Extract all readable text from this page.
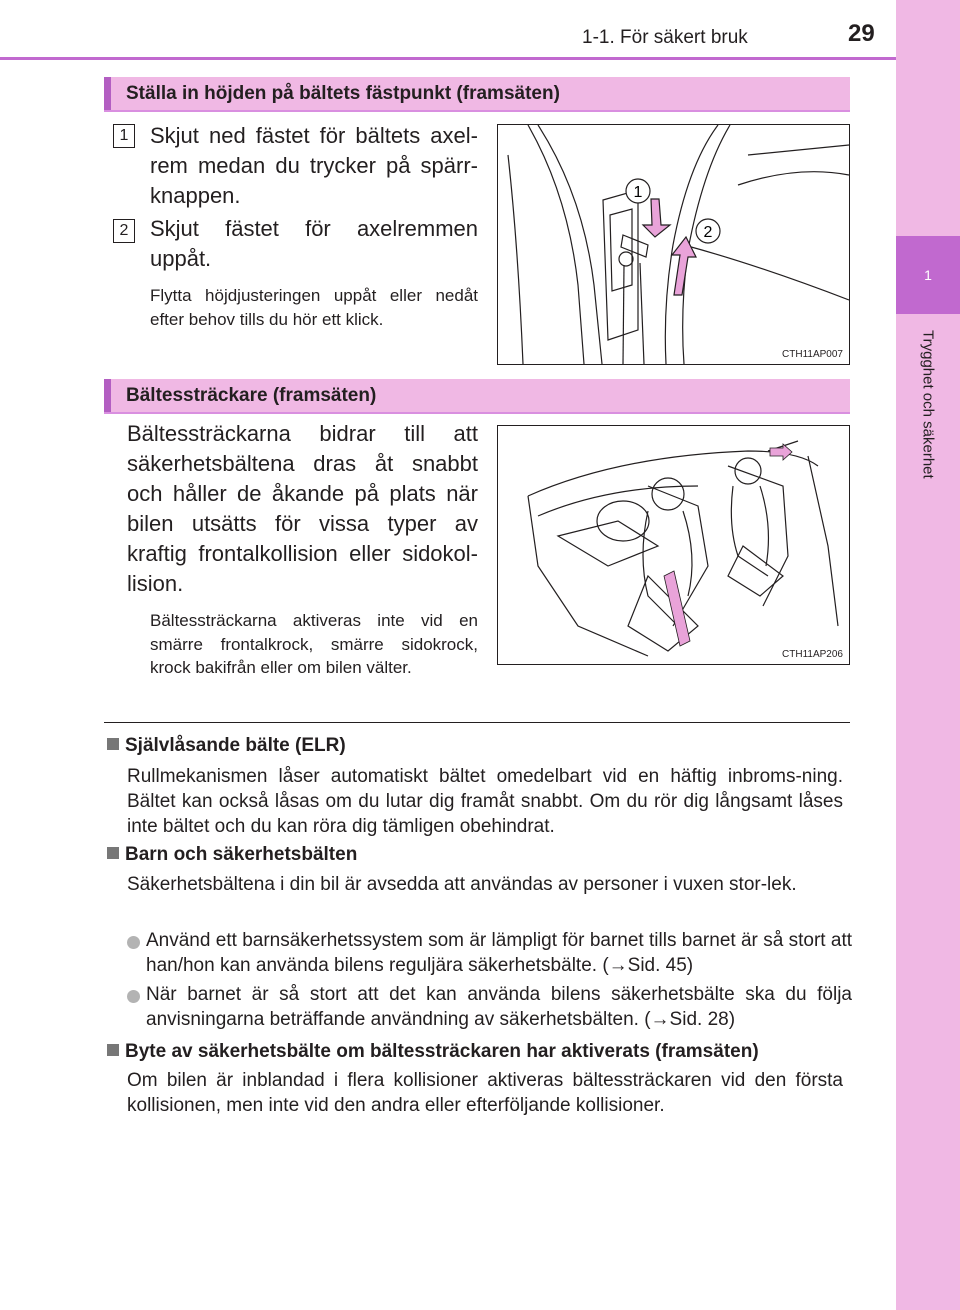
1
Trygghet och säkerhet
1-1. För säkert bruk	29
Ställa in höjden på bältets fästpunkt (framsäten)
1 Skjut ned fästet för bältets axel-rem medan du trycker på spärr-knappen.
2 Skjut fästet för axelremmen uppåt.
Flytta höjdjusteringen uppåt eller nedåt efter behov tills du hör ett klick.
1
2
CTH11AP007
Bältessträckare (framsäten)
Bältessträckarna bidrar till att säkerhetsbältena dras åt snabbt och håller de åkande på plats när bilen utsätts för vissa typer av kraftig frontalkollision eller sidokol-lision.
Bältessträckarna aktiveras inte vid en smärre frontalkrock, smärre sidokrock, krock bakifrån eller om bilen välter.
CTH11AP206
Självlåsande bälte (ELR)
Rullmekanismen låser automatiskt bältet omedelbart vid en häftig inbroms-ning. Bältet kan också låsas om du lutar dig framåt snabbt. Om du rör dig långsamt låses inte bältet och du kan röra dig tämligen obehindrat.
Barn och säkerhetsbälten
Säkerhetsbältena i din bil är avsedda att användas av personer i vuxen stor-lek.
Använd ett barnsäkerhetssystem som är lämpligt för barnet tills barnet är så stort att han/hon kan använda bilens reguljära säkerhetsbälte. (→Sid. 45)
När barnet är så stort att det kan använda bilens säkerhetsbälte ska du följa anvisningarna beträffande användning av säkerhetsbälten. (→Sid. 28)
Byte av säkerhetsbälte om bältessträckaren har aktiverats (framsäten)
Om bilen är inblandad i flera kollisioner aktiveras bältessträckaren vid den första kollisionen, men inte vid den andra eller efterföljande kollisioner.
